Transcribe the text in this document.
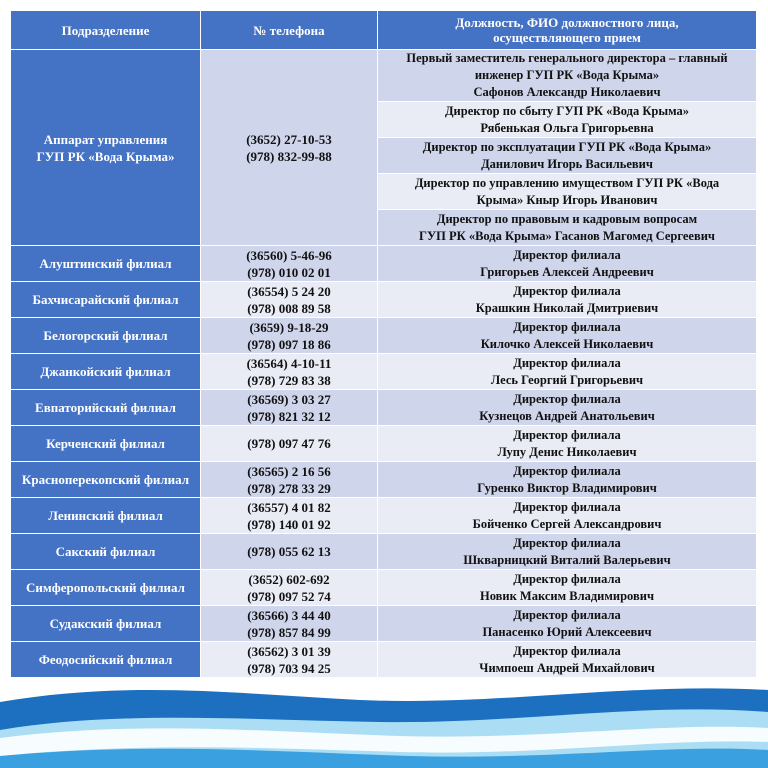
Подразделение	№ телефона	Должность, ФИО должностного лица,
осуществляющего прием

Аппарат управления
ГУП РК «Вода Крыма»	(3652) 27-10-53
(978) 832-99-88	Первый заместитель генерального директора – главный
инженер ГУП РК «Вода Крыма»
Сафонов Александр Николаевич

		Директор по сбыту ГУП РК «Вода Крыма»
Рябенькая Ольга Григорьевна

		Директор по эксплуатации ГУП РК «Вода Крыма»
Данилович Игорь Васильевич

		Директор по управлению имуществом ГУП РК «Вода
Крыма» Кныр Игорь Иванович

		Директор по правовым и кадровым вопросам
ГУП РК «Вода Крыма» Гасанов Магомед Сергеевич

Алуштинский филиал	(36560) 5-46-96
(978) 010 02 01	Директор филиала
Григорьев Алексей Андреевич

Бахчисарайский филиал	(36554) 5 24 20
(978) 008 89 58	Директор филиала
Крашкин Николай Дмитриевич

Белогорский филиал	(3659) 9-18-29
(978) 097 18 86	Директор филиала
Килочко Алексей Николаевич

Джанкойский филиал	(36564) 4-10-11
(978) 729 83 38	Директор филиала
Лесь Георгий Григорьевич

Евпаторийский филиал	(36569) 3 03 27
(978) 821 32 12	Директор филиала
Кузнецов Андрей Анатольевич

Керченский филиал	(978) 097 47 76	Директор филиала
Лупу Денис Николаевич

Красноперекопский филиал	(36565) 2 16 56
(978) 278 33 29	Директор филиала
Гуренко Виктор Владимирович

Ленинский филиал	(36557) 4 01 82
(978) 140 01 92	Директор филиала
Бойченко Сергей Александрович

Сакский филиал	(978) 055 62 13	Директор филиала
Шкварницкий Виталий Валерьевич

Симферопольский филиал	(3652) 602-692
(978) 097 52 74	Директор филиала
Новик Максим Владимирович

Судакский филиал	(36566) 3 44 40
(978) 857 84 99	Директор филиала
Панасенко Юрий Алексеевич

Феодосийский филиал	(36562) 3 01 39
(978) 703 94 25	Директор филиала
Чимпоеш Андрей Михайлович
